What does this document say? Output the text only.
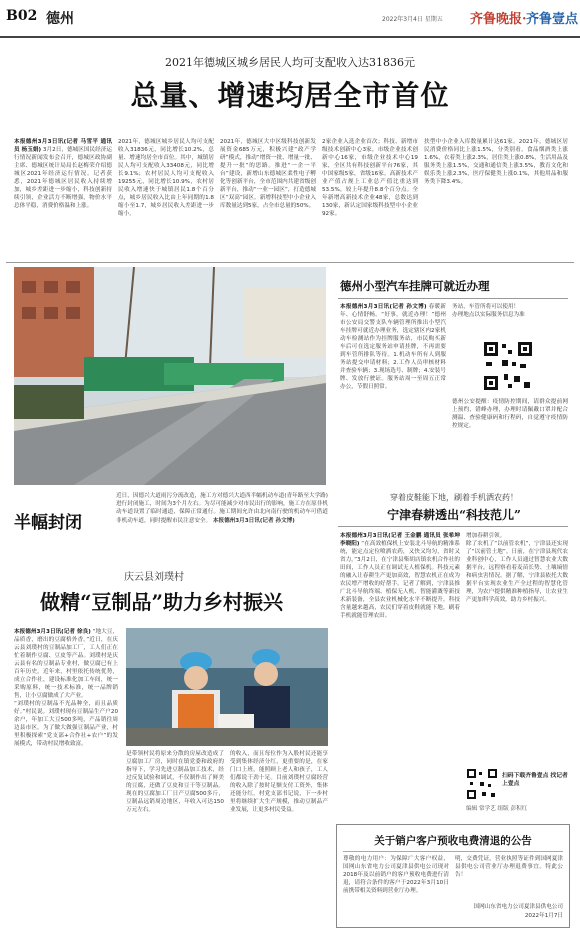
B02 德州	2022年3月4日 星期五 齐鲁晚报· 齐鲁壹点
2021年德城区城乡居民人均可支配收入达31836元
总量、增速均居全市首位
本报德州3月3日讯(记者 马雪平 通讯员 杨玉娟) 3月2日，德城区国民经济运行情况新闻发布会召开，德城区政协副主席、德城区统计局局长赵梅荣介绍德城区2021年经济运行情况。记者获悉，2021年德城区居民收入持续增加，城乡差距进一步缩小，科技创新持续引领，企业活力不断增强，物价水平总体平稳，消费价格温和上涨。
2021年，德城区城乡居民人均可支配收入31836元，同比增长10.2%，总量、增速均居全市首位。其中，城镇居民人均可支配收入33408元，同比增长9.1%；农村居民人均可支配收入19255元，同比增长10.9%，农村居民收入增速快于城镇居民1.8个百分点，城乡居民收入比由上年同期的1.8缩小至1.7，城乡居民收入差距进一步缩小。
2021年，德城区大中区级科技创新发展资金685万元，积极兴建“政产学研”模式，推动“增资一批、增量一批、提升一批”的思路。推进“一企一平台”建设，新增山东德城区柔性电子孵化等创新平台，全市范围内共建省级创新平台，推动“一业一园区”，打造德城区“双高”园区。新增科技型中小企业入库数量达到5家，占全市总量的50%。
2家企业入选企业首次；科技、新增市级技术创新中心3家，市级企业技术创新中心16家，市级企业技术中心19家，全区共有科技创新平台76家，其中国家级5家，省级16家。高新技术产业产值占规上工业总产值比重达到53.5%，较上年提升8.8个百分点。全年新增高新技术企业48家，总数达到130家，新认定国家级科技型中小企业92家。
扶型中小企业入库数量累计达61家。2021年，德城区居民消费价格同比上涨1.5%，分类别看，食品烟酒类上涨1.6%，衣着类上涨2.3%，居住类上涨0.8%，生活用品及服务类上涨1.5%，交通和通信类上涨3.5%，教育文化和娱乐类上涨2.3%，医疗保健类上涨0.1%，其他用品和服务类下降3.4%。
半幅封闭
近日，因德兴大道雨污分流改造，施工方对德兴大道西半幅机动车道(青年路至大学路)进行封闭施工，时间为3个月左右。为尽可能减少对市民出行的影响，施工方在原非机动车道设置了临时通道，保障正常通行。施工期间允许由北向南行驶的机动车可借道非机动车道，同时提醒市民注意安全。 本报德州3月3日讯(记者 孙文博)
德州小型汽车挂牌可就近办理
本报德州3月3日讯(记者 孙文博) 春暖新年、心情舒畅。“好事，就近办理！”德州市公安局交警支队车辆管理所推出小型汽车挂牌可就近办理业务，选定辖区内2家机动车检测站作为挂牌服务站，市民购买新车后可在选定服务站申请挂牌，不再需要到车管所排队等待。1.机动车所有人到服务站提交申请材料；2.工作人员审核材料并查验车辆；3.现场选号、制牌；4.安装号牌、发放行驶证。服务站周一至周五正常办公，节假日照常。
务站，车管所将可以使用！
办理地点以实际服务信息为准
德州公安提醒：疫情防控期间，请群众提前网上预约，错峰办理，办理时请佩戴口罩并配合测温、查验健康码和行程码，自觉遵守疫情防控规定。
穿着皮鞋能下地，刷着手机洒农药！
宁津春耕透出“科技范儿”
本报德州3月3日讯(记者 王金鹏 通讯员 张希坤 李晓阳) “在高效植保机上安装北斗导航的精准系统，能定点定位喷洒农药，又快又均匀，省时又省力。”3月2日，在宁津县柴胡店镇农机合作社的田间，工作人员正在调试无人植保机。科技元素的融入让春耕生产更加高效，智慧农机正在成为农民增产增收的好帮手。记者了解到，宁津县推广北斗导航终端、植保无人机、智能灌溉等新技术新装备，全县农业机械化水平不断提升，科技含量越来越高，农民们穿着皮鞋就能下地，刷着手机就能管理农田。
增加春耕引领。
除了农机了“以前管农机”，宁津县还实现了“以前管土地”。日前，在宁津县现代农业科创中心，工作人员通过智慧农业大数据平台，远程察看着麦苗长势、土壤墒情和病虫害情况。据了解，宁津县依托大数据平台实现农业生产全过程的智慧化管理，为农户提供精准种植指导，让农业生产更加科学高效，助力乡村振兴。
扫码下载齐鲁壹点 找记者 上壹点
编辑 常学艺 组版 彭积红
庆云县刘璞村
做精“豆制品”助力乡村振兴
本报德州3月3日讯(记者 徐良) “地大豆，品质香，磨出的豆腐格外香。”近日，在庆云县刘璞村的豆制品加工厂，工人们正在忙着制作豆腐、豆皮等产品。刘璞村是庆云县有名的豆制品专业村，做豆腐已有上百年历史。近年来，村里依托传统优势，成立合作社，建设标准化加工车间，统一采购原料，统一技术标准，统一品牌销售，让小豆腐做成了大产业。
“刘璞村的豆制品不光品种全，而且品质好。”村民说。刘璞村现有豆制品生产户20余户，年加工大豆500多吨，产品销往周边县市区。为了做大做强豆制品产业，村里积极探索“党支部+合作社+农户”的发展模式，带动村民增收致富。
是带领村民将原来分散的房屋改造成了豆腐加工厂房，同时在镇党委和政府的指导下，学习先进豆制品加工技术，经过反复试验和调试，不仅制作出了鲜美的豆腐，还做了豆皮和豆干等豆制品。现在的豆腐加工厂日产豆腐500多斤，豆制品远销周边地区，年收入可达150万元左右。
的收入，而且每位作为入股村民还能享受到集体经济分红，更重要的是，在家门口上班，能照顾上老人和孩子，工人们都说干劲十足。目前刘璞村豆腐经营的收入除了按时足额支付工资外，集体还能分红，村党支部书记说，下一步村里将继续扩大生产规模，推动豆制品产业发展，让更多村民受益。
关于销户客户预收电费清退的公告
尊敬的电力用户：为保障广大客户权益，国网山东省电力公司夏津县供电公司现对2018年及以前销户的客户预收电费进行清退，请符合条件的客户于2022年3月10日前携带相关资料到营业厅办理。
明，交费凭证，营业执照等证件到国网夏津县供电公司营业厅办理退费事宜。特此公告！
国网山东省电力公司夏津县供电公司
2022年1月7日
